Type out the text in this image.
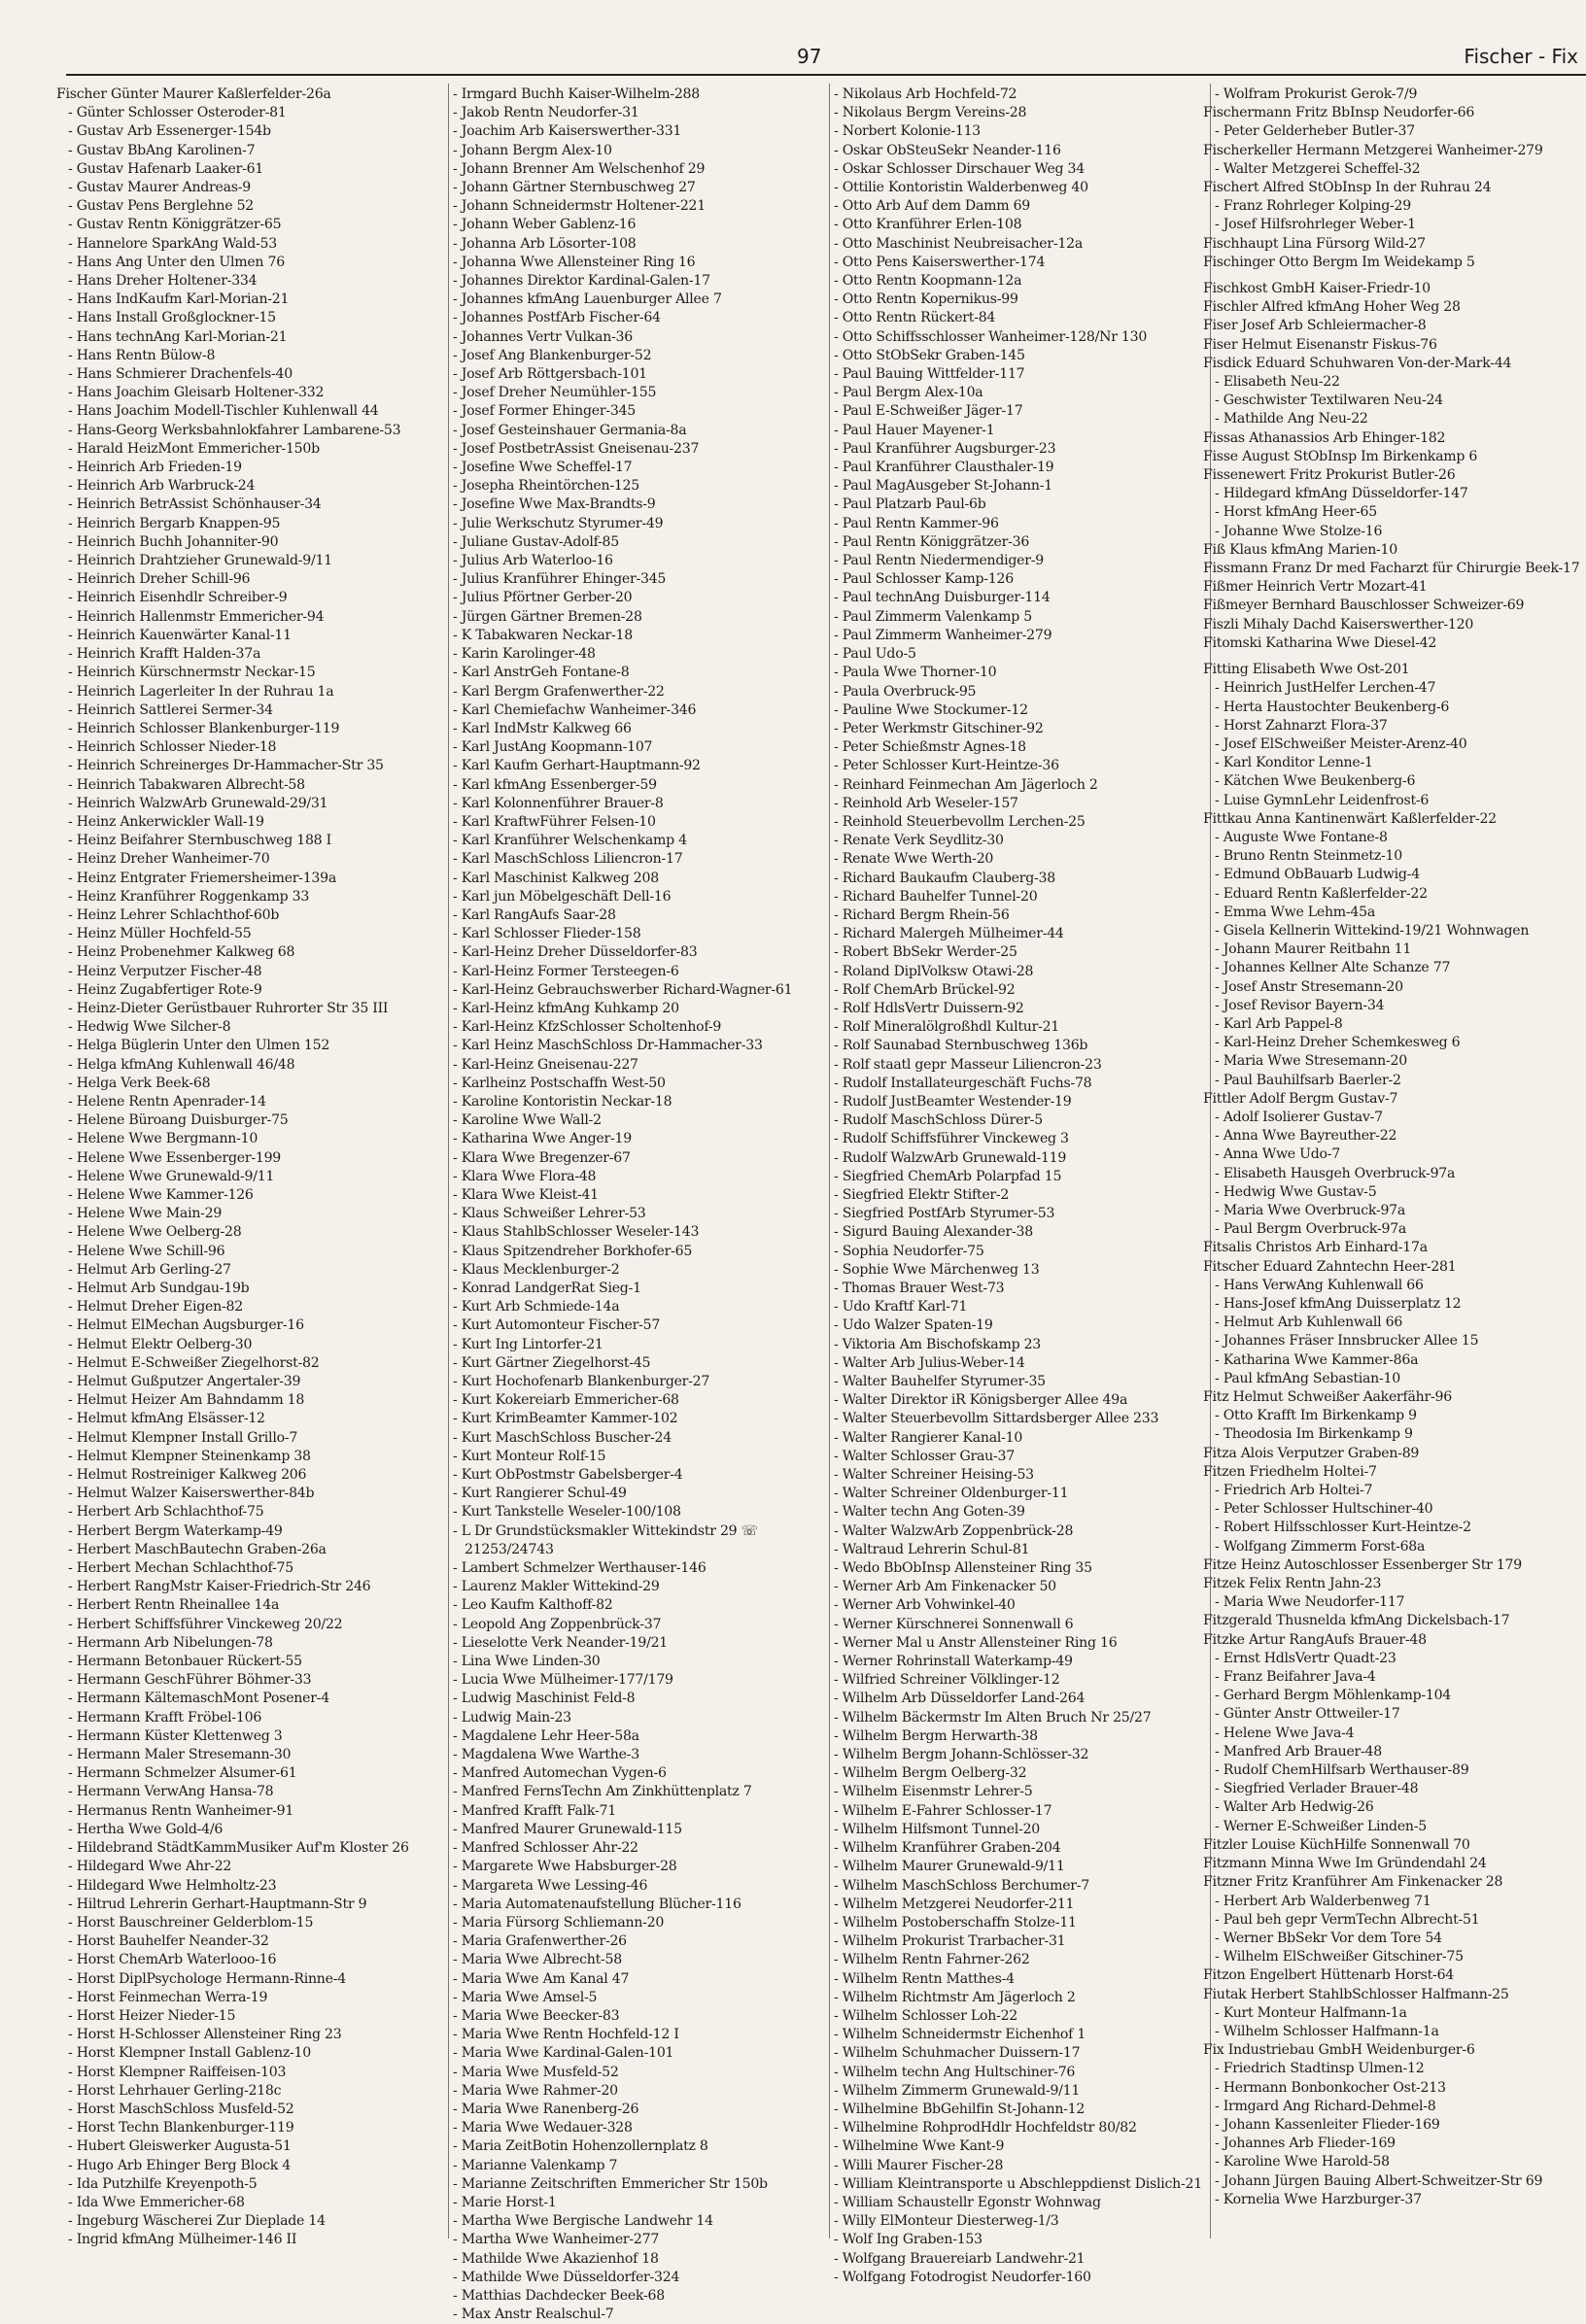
97	Fischer - Fix
Fischer Günter Maurer Kaßlerfelder-26a
- Günter Schlosser Osteroder-81
- Gustav Arb Essenerger-154b
- Gustav BbAng Karolinen-7
- Gustav Hafenarb Laaker-61
- Gustav Maurer Andreas-9
- Gustav Pens Berglehne 52
- Gustav Rentn Königgrätzer-65
- Hannelore SparkAng Wald-53
- Hans Ang Unter den Ulmen 76
- Hans Dreher Holtener-334
- Hans IndKaufm Karl-Morian-21
- Hans Install Großglockner-15
- Hans technAng Karl-Morian-21
- Hans Rentn Bülow-8
- Hans Schmierer Drachenfels-40
- Hans Joachim Gleisarb Holtener-332
- Hans Joachim Modell-Tischler Kuhlenwall 44
- Hans-Georg Werksbahnlokfahrer Lambarene-53
- Harald HeizMont Emmericher-150b
- Heinrich Arb Frieden-19
- Heinrich Arb Warbruck-24
- Heinrich BetrAssist Schönhauser-34
- Heinrich Bergarb Knappen-95
- Heinrich Buchh Johanniter-90
- Heinrich Drahtzieher Grunewald-9/11
- Heinrich Dreher Schill-96
- Heinrich Eisenhdlr Schreiber-9
- Heinrich Hallenmstr Emmericher-94
- Heinrich Kauenwärter Kanal-11
- Heinrich Krafft Halden-37a
- Heinrich Kürschnermstr Neckar-15
- Heinrich Lagerleiter In der Ruhrau 1a
- Heinrich Sattlerei Sermer-34
- Heinrich Schlosser Blankenburger-119
- Heinrich Schlosser Nieder-18
- Heinrich Schreinerges Dr-Hammacher-Str 35
- Heinrich Tabakwaren Albrecht-58
- Heinrich WalzwArb Grunewald-29/31
- Heinz Ankerwickler Wall-19
- Heinz Beifahrer Sternbuschweg 188 I
- Heinz Dreher Wanheimer-70
- Heinz Entgrater Friemersheimer-139a
- Heinz Kranführer Roggenkamp 33
- Heinz Lehrer Schlachthof-60b
- Heinz Müller Hochfeld-55
- Heinz Probenehmer Kalkweg 68
- Heinz Verputzer Fischer-48
- Heinz Zugabfertiger Rote-9
- Heinz-Dieter Gerüstbauer Ruhrorter Str 35 III
- Hedwig Wwe Silcher-8
- Helga Büglerin Unter den Ulmen 152
- Helga kfmAng Kuhlenwall 46/48
- Helga Verk Beek-68
- Helene Rentn Apenrader-14
- Helene Büroang Duisburger-75
- Helene Wwe Bergmann-10
- Helene Wwe Essenberger-199
- Helene Wwe Grunewald-9/11
- Helene Wwe Kammer-126
- Helene Wwe Main-29
- Helene Wwe Oelberg-28
- Helene Wwe Schill-96
- Helmut Arb Gerling-27
- Helmut Arb Sundgau-19b
- Helmut Dreher Eigen-82
- Helmut ElMechan Augsburger-16
- Helmut Elektr Oelberg-30
- Helmut E-Schweißer Ziegelhorst-82
- Helmut Gußputzer Angertaler-39
- Helmut Heizer Am Bahndamm 18
- Helmut kfmAng Elsässer-12
- Helmut Klempner Install Grillo-7
- Helmut Klempner Steinenkamp 38
- Helmut Rostreiniger Kalkweg 206
- Helmut Walzer Kaiserswerther-84b
- Herbert Arb Schlachthof-75
- Herbert Bergm Waterkamp-49
- Herbert MaschBautechn Graben-26a
- Herbert Mechan Schlachthof-75
- Herbert RangMstr Kaiser-Friedrich-Str 246
- Herbert Rentn Rheinallee 14a
- Herbert Schiffsführer Vinckeweg 20/22
- Hermann Arb Nibelungen-78
- Hermann Betonbauer Rückert-55
- Hermann GeschFührer Böhmer-33
- Hermann KältemaschMont Posener-4
- Hermann Krafft Fröbel-106
- Hermann Küster Klettenweg 3
- Hermann Maler Stresemann-30
- Hermann Schmelzer Alsumer-61
- Hermann VerwAng Hansa-78
- Hermanus Rentn Wanheimer-91
- Hertha Wwe Gold-4/6
- Hildebrand StädtKammMusiker Auf'm Kloster 26
- Hildegard Wwe Ahr-22
- Hildegard Wwe Helmholtz-23
- Hiltrud Lehrerin Gerhart-Hauptmann-Str 9
- Horst Bauschreiner Gelderblom-15
- Horst Bauhelfer Neander-32
- Horst ChemArb Waterlooo-16
- Horst DiplPsychologe Hermann-Rinne-4
- Horst Feinmechan Werra-19
- Horst Heizer Nieder-15
- Horst H-Schlosser Allensteiner Ring 23
- Horst Klempner Install Gablenz-10
- Horst Klempner Raiffeisen-103
- Horst Lehrhauer Gerling-218c
- Horst MaschSchloss Musfeld-52
- Horst Techn Blankenburger-119
- Hubert Gleiswerker Augusta-51
- Hugo Arb Ehinger Berg Block 4
- Ida Putzhilfe Kreyenpoth-5
- Ida Wwe Emmericher-68
- Ingeburg Wäscherei Zur Dieplade 14
- Ingrid kfmAng Mülheimer-146 II
- Irmgard Buchh Kaiser-Wilhelm-288
- Jakob Rentn Neudorfer-31
- Joachim Arb Kaiserswerther-331
- Johann Bergm Alex-10
- Johann Brenner Am Welschenhof 29
- Johann Gärtner Sternbuschweg 27
- Johann Schneidermstr Holtener-221
- Johann Weber Gablenz-16
- Johanna Arb Lösorter-108
- Johanna Wwe Allensteiner Ring 16
- Johannes Direktor Kardinal-Galen-17
- Johannes kfmAng Lauenburger Allee 7
- Johannes PostfArb Fischer-64
- Johannes Vertr Vulkan-36
- Josef Ang Blankenburger-52
- Josef Arb Röttgersbach-101
- Josef Dreher Neumühler-155
- Josef Former Ehinger-345
- Josef Gesteinshauer Germania-8a
- Josef PostbetrAssist Gneisenau-237
- Josefine Wwe Scheffel-17
- Josepha Rheintörchen-125
- Josefine Wwe Max-Brandts-9
- Julie Werkschutz Styrumer-49
- Juliane Gustav-Adolf-85
- Julius Arb Waterloo-16
- Julius Kranführer Ehinger-345
- Julius Pförtner Gerber-20
- Jürgen Gärtner Bremen-28
- K Tabakwaren Neckar-18
- Karin Karolinger-48
- Karl AnstrGeh Fontane-8
- Karl Bergm Grafenwerther-22
- Karl Chemiefachw Wanheimer-346
- Karl IndMstr Kalkweg 66
- Karl JustAng Koopmann-107
- Karl Kaufm Gerhart-Hauptmann-92
- Karl kfmAng Essenberger-59
- Karl Kolonnenführer Brauer-8
- Karl KraftwFührer Felsen-10
- Karl Kranführer Welschenkamp 4
- Karl MaschSchloss Liliencron-17
- Karl Maschinist Kalkweg 208
- Karl jun Möbelgeschäft Dell-16
- Karl RangAufs Saar-28
- Karl Schlosser Flieder-158
- Karl-Heinz Dreher Düsseldorfer-83
- Karl-Heinz Former Tersteegen-6
- Karl-Heinz Gebrauchswerber Richard-Wagner-61
- Karl-Heinz kfmAng Kuhkamp 20
- Karl-Heinz KfzSchlosser Scholtenhof-9
- Karl Heinz MaschSchloss Dr-Hammacher-33
- Karl-Heinz Gneisenau-227
- Karlheinz Postschaffn West-50
- Karoline Kontoristin Neckar-18
- Karoline Wwe Wall-2
- Katharina Wwe Anger-19
- Klara Wwe Bregenzer-67
- Klara Wwe Flora-48
- Klara Wwe Kleist-41
- Klaus Schweißer Lehrer-53
- Klaus StahlbSchlosser Weseler-143
- Klaus Spitzendreher Borkhofer-65
- Klaus Mecklenburger-2
- Konrad LandgerRat Sieg-1
- Kurt Arb Schmiede-14a
- Kurt Automonteur Fischer-57
- Kurt Ing Lintorfer-21
- Kurt Gärtner Ziegelhorst-45
- Kurt Hochofenarb Blankenburger-27
- Kurt Kokereiarb Emmericher-68
- Kurt KrimBeamter Kammer-102
- Kurt MaschSchloss Buscher-24
- Kurt Monteur Rolf-15
- Kurt ObPostmstr Gabelsberger-4
- Kurt Rangierer Schul-49
- Kurt Tankstelle Weseler-100/108
- L Dr Grundstücksmakler Wittekindstr 29 ☏ 21253/24743
- Lambert Schmelzer Werthauser-146
- Laurenz Makler Wittekind-29
- Leo Kaufm Kalthoff-82
- Leopold Ang Zoppenbrück-37
- Lieselotte Verk Neander-19/21
- Lina Wwe Linden-30
- Lucia Wwe Mülheimer-177/179
- Ludwig Maschinist Feld-8
- Ludwig Main-23
- Magdalene Lehr Heer-58a
- Magdalena Wwe Warthe-3
- Manfred Automechan Vygen-6
- Manfred FernsTechn Am Zinkhüttenplatz 7
- Manfred Krafft Falk-71
- Manfred Maurer Grunewald-115
- Manfred Schlosser Ahr-22
- Margarete Wwe Habsburger-28
- Margareta Wwe Lessing-46
- Maria Automatenaufstellung Blücher-116
- Maria Fürsorg Schliemann-20
- Maria Grafenwerther-26
- Maria Wwe Albrecht-58
- Maria Wwe Am Kanal 47
- Maria Wwe Amsel-5
- Maria Wwe Beecker-83
- Maria Wwe Rentn Hochfeld-12 I
- Maria Wwe Kardinal-Galen-101
- Maria Wwe Musfeld-52
- Maria Wwe Rahmer-20
- Maria Wwe Ranenberg-26
- Maria Wwe Wedauer-328
- Maria ZeitBotin Hohenzollernplatz 8
- Marianne Valenkamp 7
- Marianne Zeitschriften Emmericher Str 150b
- Marie Horst-1
- Martha Wwe Bergische Landwehr 14
- Martha Wwe Wanheimer-277
- Mathilde Wwe Akazienhof 18
- Mathilde Wwe Düsseldorfer-324
- Matthias Dachdecker Beek-68
- Max Anstr Realschul-7
- Nikolaus Arb Hochfeld-72
- Nikolaus Bergm Vereins-28
- Norbert Kolonie-113
- Oskar ObSteuSekr Neander-116
- Oskar Schlosser Dirschauer Weg 34
- Ottilie Kontoristin Walderbenweg 40
- Otto Arb Auf dem Damm 69
- Otto Kranführer Erlen-108
- Otto Maschinist Neubreisacher-12a
- Otto Pens Kaiserswerther-174
- Otto Rentn Koopmann-12a
- Otto Rentn Kopernikus-99
- Otto Rentn Rückert-84
- Otto Schiffsschlosser Wanheimer-128/Nr 130
- Otto StObSekr Graben-145
- Paul Bauing Wittfelder-117
- Paul Bergm Alex-10a
- Paul E-Schweißer Jäger-17
- Paul Hauer Mayener-1
- Paul Kranführer Augsburger-23
- Paul Kranführer Clausthaler-19
- Paul MagAusgeber St-Johann-1
- Paul Platzarb Paul-6b
- Paul Rentn Kammer-96
- Paul Rentn Königgrätzer-36
- Paul Rentn Niedermendiger-9
- Paul Schlosser Kamp-126
- Paul technAng Duisburger-114
- Paul Zimmerm Valenkamp 5
- Paul Zimmerm Wanheimer-279
- Paul Udo-5
- Paula Wwe Thorner-10
- Paula Overbruck-95
- Pauline Wwe Stockumer-12
- Peter Werkmstr Gitschiner-92
- Peter Schießmstr Agnes-18
- Peter Schlosser Kurt-Heintze-36
- Reinhard Feinmechan Am Jägerloch 2
- Reinhold Arb Weseler-157
- Reinhold Steuerbevollm Lerchen-25
- Renate Verk Seydlitz-30
- Renate Wwe Werth-20
- Richard Baukaufm Clauberg-38
- Richard Bauhelfer Tunnel-20
- Richard Bergm Rhein-56
- Richard Malergeh Mülheimer-44
- Robert BbSekr Werder-25
- Roland DiplVolksw Otawi-28
- Rolf ChemArb Brückel-92
- Rolf HdlsVertr Duissern-92
- Rolf Mineralölgroßhdl Kultur-21
- Rolf Saunabad Sternbuschweg 136b
- Rolf staatl gepr Masseur Liliencron-23
- Rudolf Installateurgeschäft Fuchs-78
- Rudolf JustBeamter Westender-19
- Rudolf MaschSchloss Dürer-5
- Rudolf Schiffsführer Vinckeweg 3
- Rudolf WalzwArb Grunewald-119
- Siegfried ChemArb Polarpfad 15
- Siegfried Elektr Stifter-2
- Siegfried PostfArb Styrumer-53
- Sigurd Bauing Alexander-38
- Sophia Neudorfer-75
- Sophie Wwe Märchenweg 13
- Thomas Brauer West-73
- Udo Kraftf Karl-71
- Udo Walzer Spaten-19
- Viktoria Am Bischofskamp 23
- Walter Arb Julius-Weber-14
- Walter Bauhelfer Styrumer-35
- Walter Direktor iR Königsberger Allee 49a
- Walter Steuerbevollm Sittardsberger Allee 233
- Walter Rangierer Kanal-10
- Walter Schlosser Grau-37
- Walter Schreiner Heising-53
- Walter Schreiner Oldenburger-11
- Walter techn Ang Goten-39
- Walter WalzwArb Zoppenbrück-28
- Waltraud Lehrerin Schul-81
- Wedo BbObInsp Allensteiner Ring 35
- Werner Arb Am Finkenacker 50
- Werner Arb Vohwinkel-40
- Werner Kürschnerei Sonnenwall 6
- Werner Mal u Anstr Allensteiner Ring 16
- Werner Rohrinstall Waterkamp-49
- Wilfried Schreiner Völklinger-12
- Wilhelm Arb Düsseldorfer Land-264
- Wilhelm Bäckermstr Im Alten Bruch Nr 25/27
- Wilhelm Bergm Herwarth-38
- Wilhelm Bergm Johann-Schlösser-32
- Wilhelm Bergm Oelberg-32
- Wilhelm Eisenmstr Lehrer-5
- Wilhelm E-Fahrer Schlosser-17
- Wilhelm Hilfsmont Tunnel-20
- Wilhelm Kranführer Graben-204
- Wilhelm Maurer Grunewald-9/11
- Wilhelm MaschSchloss Berchumer-7
- Wilhelm Metzgerei Neudorfer-211
- Wilhelm Postoberschaffn Stolze-11
- Wilhelm Prokurist Trarbacher-31
- Wilhelm Rentn Fahrner-262
- Wilhelm Rentn Matthes-4
- Wilhelm Richtmstr Am Jägerloch 2
- Wilhelm Schlosser Loh-22
- Wilhelm Schneidermstr Eichenhof 1
- Wilhelm Schuhmacher Duissern-17
- Wilhelm techn Ang Hultschiner-76
- Wilhelm Zimmerm Grunewald-9/11
- Wilhelmine BbGehilfin St-Johann-12
- Wilhelmine RohprodHdlr Hochfeldstr 80/82
- Wilhelmine Wwe Kant-9
- Willi Maurer Fischer-28
- William Kleintransporte u Abschleppdienst Dislich-21
- William Schaustellr Egonstr Wohnwag
- Willy ElMonteur Diesterweg-1/3
- Wolf Ing Graben-153
- Wolfgang Brauereiarb Landwehr-21
- Wolfgang Fotodrogist Neudorfer-160
- Wolfram Prokurist Gerok-7/9
Fischermann Fritz BbInsp Neudorfer-66
- Peter Gelderheber Butler-37
Fischerkeller Hermann Metzgerei Wanheimer-279
- Walter Metzgerei Scheffel-32
Fischert Alfred StObInsp In der Ruhrau 24
- Franz Rohrleger Kolping-29
- Josef Hilfsrohrleger Weber-1
Fischhaupt Lina Fürsorg Wild-27
Fischinger Otto Bergm Im Weidekamp 5
Fischkost GmbH Kaiser-Friedr-10
Fischler Alfred kfmAng Hoher Weg 28
Fiser Josef Arb Schleiermacher-8
Fiser Helmut Eisenanstr Fiskus-76
Fisdick Eduard Schuhwaren Von-der-Mark-44
- Elisabeth Neu-22
- Geschwister Textilwaren Neu-24
- Mathilde Ang Neu-22
Fissas Athanassios Arb Ehinger-182
Fisse August StObInsp Im Birkenkamp 6
Fissenewert Fritz Prokurist Butler-26
- Hildegard kfmAng Düsseldorfer-147
- Horst kfmAng Heer-65
- Johanne Wwe Stolze-16
Fiß Klaus kfmAng Marien-10
Fissmann Franz Dr med Facharzt für Chirurgie Beek-17
Fißmer Heinrich Vertr Mozart-41
Fißmeyer Bernhard Bauschlosser Schweizer-69
Fiszli Mihaly Dachd Kaiserswerther-120
Fitomski Katharina Wwe Diesel-42
Fitting Elisabeth Wwe Ost-201
- Heinrich JustHelfer Lerchen-47
- Herta Haustochter Beukenberg-6
- Horst Zahnarzt Flora-37
- Josef ElSchweißer Meister-Arenz-40
- Karl Konditor Lenne-1
- Kätchen Wwe Beukenberg-6
- Luise GymnLehr Leidenfrost-6
Fittkau Anna Kantinenwärt Kaßlerfelder-22
- Auguste Wwe Fontane-8
- Bruno Rentn Steinmetz-10
- Edmund ObBauarb Ludwig-4
- Eduard Rentn Kaßlerfelder-22
- Emma Wwe Lehm-45a
- Gisela Kellnerin Wittekind-19/21 Wohnwagen
- Johann Maurer Reitbahn 11
- Johannes Kellner Alte Schanze 77
- Josef Anstr Stresemann-20
- Josef Revisor Bayern-34
- Karl Arb Pappel-8
- Karl-Heinz Dreher Schemkesweg 6
- Maria Wwe Stresemann-20
- Paul Bauhilfsarb Baerler-2
Fittler Adolf Bergm Gustav-7
- Adolf Isolierer Gustav-7
- Anna Wwe Bayreuther-22
- Anna Wwe Udo-7
- Elisabeth Hausgeh Overbruck-97a
- Hedwig Wwe Gustav-5
- Maria Wwe Overbruck-97a
- Paul Bergm Overbruck-97a
Fitsalis Christos Arb Einhard-17a
Fitscher Eduard Zahntechn Heer-281
- Hans VerwAng Kuhlenwall 66
- Hans-Josef kfmAng Duisserplatz 12
- Helmut Arb Kuhlenwall 66
- Johannes Fräser Innsbrucker Allee 15
- Katharina Wwe Kammer-86a
- Paul kfmAng Sebastian-10
Fitz Helmut Schweißer Aakerfähr-96
- Otto Krafft Im Birkenkamp 9
- Theodosia Im Birkenkamp 9
Fitza Alois Verputzer Graben-89
Fitzen Friedhelm Holtei-7
- Friedrich Arb Holtei-7
- Peter Schlosser Hultschiner-40
- Robert Hilfsschlosser Kurt-Heintze-2
- Wolfgang Zimmerm Forst-68a
Fitze Heinz Autoschlosser Essenberger Str 179
Fitzek Felix Rentn Jahn-23
- Maria Wwe Neudorfer-117
Fitzgerald Thusnelda kfmAng Dickelsbach-17
Fitzke Artur RangAufs Brauer-48
- Ernst HdlsVertr Quadt-23
- Franz Beifahrer Java-4
- Gerhard Bergm Möhlenkamp-104
- Günter Anstr Ottweiler-17
- Helene Wwe Java-4
- Manfred Arb Brauer-48
- Rudolf ChemHilfsarb Werthauser-89
- Siegfried Verlader Brauer-48
- Walter Arb Hedwig-26
- Werner E-Schweißer Linden-5
Fitzler Louise KüchHilfe Sonnenwall 70
Fitzmann Minna Wwe Im Gründendahl 24
Fitzner Fritz Kranführer Am Finkenacker 28
- Herbert Arb Walderbenweg 71
- Paul beh gepr VermTechn Albrecht-51
- Werner BbSekr Vor dem Tore 54
- Wilhelm ElSchweißer Gitschiner-75
Fitzon Engelbert Hüttenarb Horst-64
Fiutak Herbert StahlbSchlosser Halfmann-25
- Kurt Monteur Halfmann-1a
- Wilhelm Schlosser Halfmann-1a
Fix Industriebau GmbH Weidenburger-6
- Friedrich Stadtinsp Ulmen-12
- Hermann Bonbonkocher Ost-213
- Irmgard Ang Richard-Dehmel-8
- Johann Kassenleiter Flieder-169
- Johannes Arb Flieder-169
- Karoline Wwe Harold-58
- Johann Jürgen Bauing Albert-Schweitzer-Str 69
- Kornelia Wwe Harzburger-37
